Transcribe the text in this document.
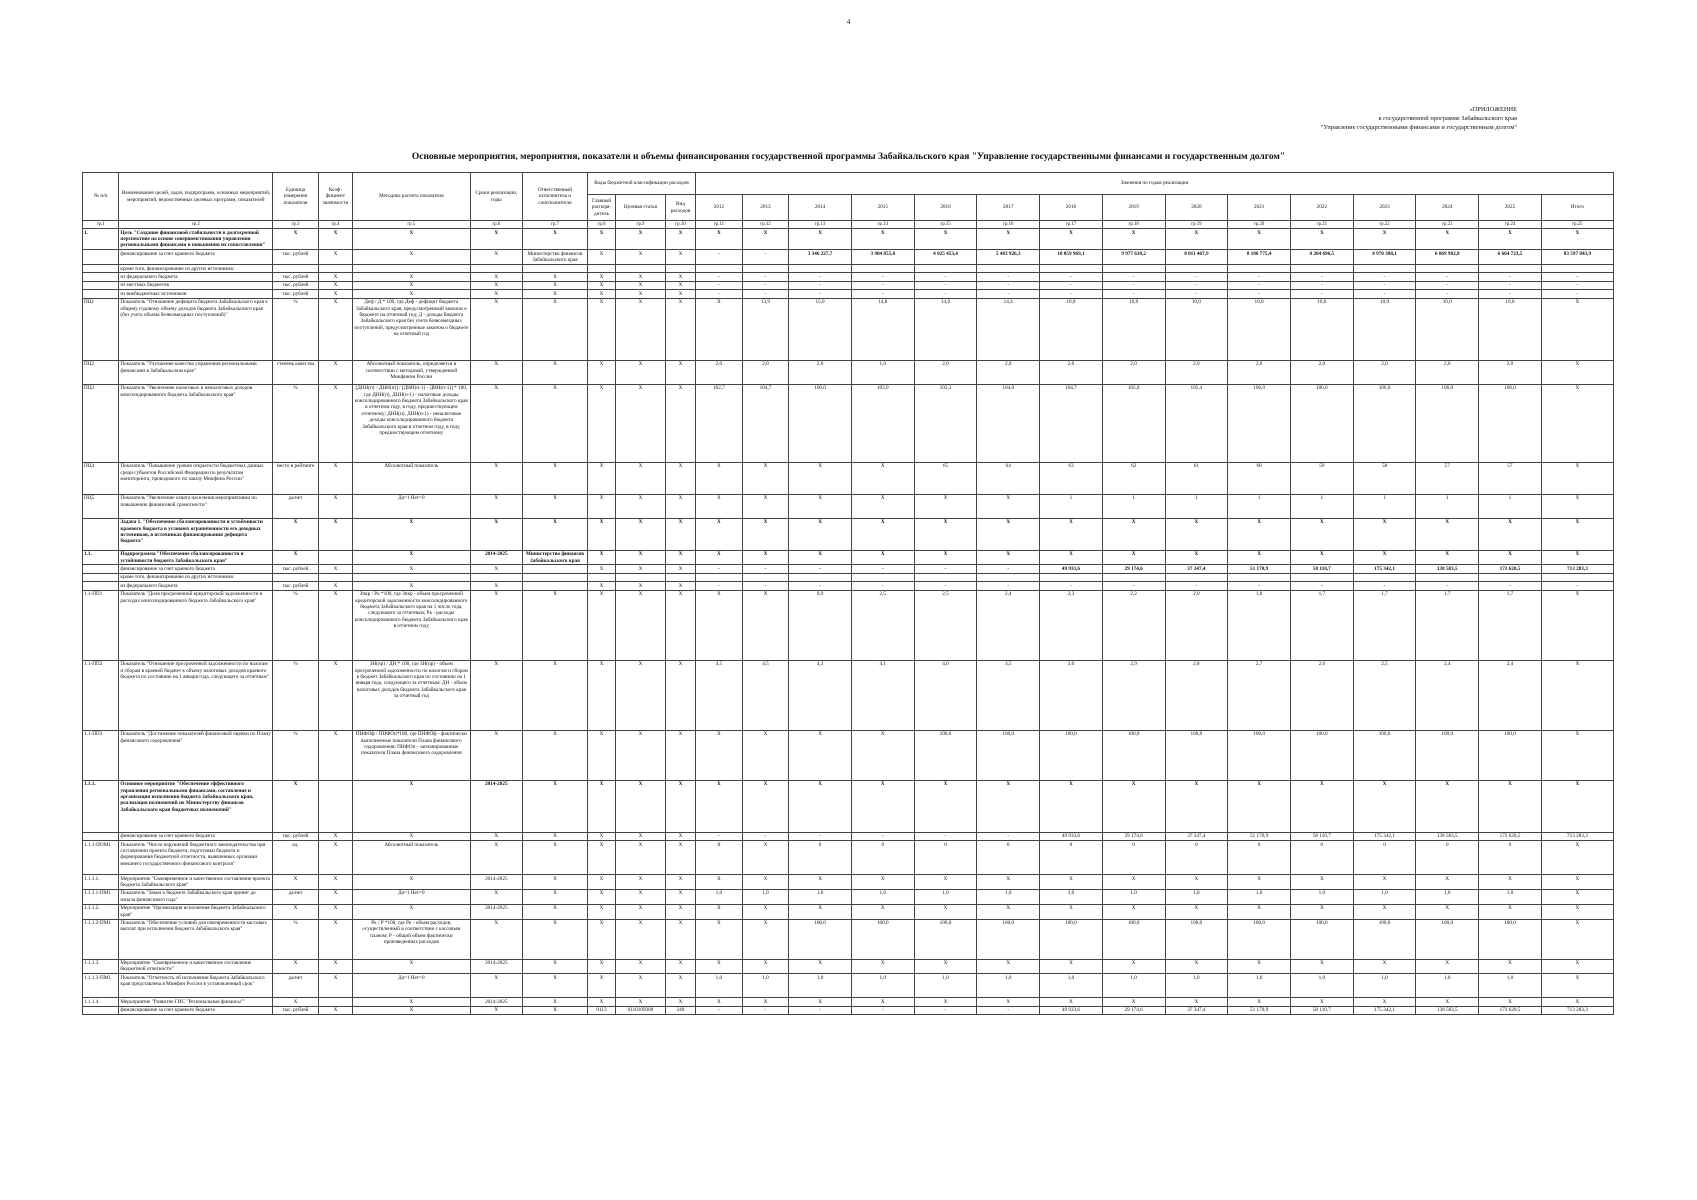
4
«ПРИЛОЖЕНИЕ
к государственной программе Забайкальского края
"Управление государственными финансами и государственным долгом"
Основные мероприятия, мероприятия, показатели и объемы финансирования государственной программы Забайкальского края "Управление государственными финансами и государственным долгом"
№ п/п	Наименование целей, задач, подпрограмм, основных мероприятий, мероприятий, ведомственных целевых программ, показателей	Единица измерения показателя	Коэф-фициент значимости	Методика расчета показателя	Сроки реализации, годы	Ответственный исполнитель и соисполнители	Коды бюджетной классификации расходов			Значения по годам реализации														
							Главный распоря-дитель	Целевая статья	Вид расходов	2012	2013	2014	2015	2016	2017	2018	2019	2020	2021	2022	2023	2024	2025	Итого
гр.1	гр.2	гр.3	гр.4	гр.5	гр.6	гр.7	гр.8	гр.9	гр.10	гр.11	гр.12	гр.13	гр.14	гр.15	гр.16	гр.17	гр.18	гр.19	гр.20	гр.21	гр.22	гр.23	гр.24	гр.25
1.	Цель "Создание финансовой стабильности в долгосрочной перспективе на основе совершенствования управления региональными финансами и повышения их сопоставления"	X	X	X	X	X	X	X	X	X	X	X	X	X	X	X	X	X	X	X	X	X	X	X
	финансирование за счет краевого бюджета	тыс. рублей	X	X	X	Министерство финансов Забайкальского края	X	X	X	-	-	3 346 227,7	3 904 855,8	4 025 453,4	5 483 926,3	10 059 969,1	9 977 630,2	8 011 467,9	8 100 775,4	8 204 696,5	8 970 388,1	6 869 902,8	6 664 723,5	83 597 843,9
	кроме того, финансирование из других источников:																							
	из федерального бюджета	тыс. рублей	X	X	X	X	X	X	X	-	-	-	-	-	-	-	-	-	-	-	-	-	-	-
	из местных бюджетов	тыс. рублей	X	X	X	X	X	X	X	-	-	-	-	-	-	-	-	-	-	-	-	-	-	-
	из внебюджетных источников	тыс. рублей	X	X	X	X	X	X	X	-	-	-	-	-	-	-	-	-	-	-	-	-	-	-
ПЦ1	Показатель "Отношение дефицита бюджета Забайкальского края к общему годовому объему доходов бюджета Забайкальского края (без учета объема безвозмездных поступлений)"	%	X	Деф / Д * 100, где Деф - дефицит бюджета Забайкальского края, предусмотренный законом о бюджете на отчетный год; Д - доходы бюджета Забайкальского края без учета безвозмездных поступлений, предусмотренные законом о бюджете на отчетный год	X	X	X	X	X	X	13,9	15,0	14,8	14,6	14,4	10,0	10,0	10,0	10,0	10,0	10,0	10,0	10,0	X
ПЦ2	Показатель "Улучшение качества управления региональными финансами в Забайкальском крае"	степень качества	X	Абсолютный показатель, определяется в соответствии с методикой, утвержденной Минфином России	X	X	X	X	X	2,0	2,0	2,0	1,0	2,0	2,0	2,0	2,0	2,0	2,0	2,0	2,0	2,0	2,0	X
ПЦ3	Показатель "Увеличение налоговых и неналоговых доходов консолидированного бюджета Забайкальского края"	%	X	[ДНН(п) - ДНН(п)] / [ДНН(п-1) - ДНН(п-1)] * 100, где ДНН(п), ДНН(п-1) - налоговые доходы консолидированного бюджета Забайкальского края в отчетном году, в году, предшествующем отчетному; ДНН(п), ДНН(п-1) - неналоговые доходы консолидированного бюджета Забайкальского края в отчетном году, в году, предшествующем отчетному	X	X	X	X	X	102,7	104,7	100,0	103,9	102,3	104,0	104,7	105,0	105,4	106,0	106,0	106,0	106,0	106,0	X
ПЦ4	Показатель "Повышение уровня открытости бюджетных данных среди субъектов Российской Федерации по результатам мониторинга, проводимого по заказу Минфина России"	место в рейтинге	X	Абсолютный показатель	X	X	X	X	X	X	X	X	X	65	64	63	62	61	60	59	58	57	57	X
ПЦ5	Показатель "Увеличение охвата населения мероприятиями по повышению финансовой грамотности"	да/нет	X	Да=1 Нет=0	X	X	X	X	X	X	X	X	X	X	X	1	1	1	1	1	1	1	1	X
	Задача 1. "Обеспечение сбалансированности и устойчивости краевого бюджета в условиях ограниченности его доходных источников, в источниках финансирования дефицита бюджета"	X	X	X	X	X	X	X	X	X	X	X	X	X	X	X	X	X	X	X	X	X	X	X
1.1.	Подпрограмма "Обеспечение сбалансированности и устойчивости бюджета Забайкальского края"	X		X	2014-2025	Министерство финансов Забайкальского края	X	X	X	X	X	X	X	X	X	X	X	X	X	X	X	X	X	X
	финансирование за счет краевого бюджета	тыс. рублей	X	X	X		X	X	X	-	-	-	-	-	-	49 933,6	29 174,6	37 347,4	51 170,9	58 110,7	175 342,1	138 583,5	173 620,5	713 283,3
	кроме того, финансирование из других источников:																							
	из федерального бюджета	тыс. рублей	X	X	X		X	X	X	-	-	-	-	-	-	-	-	-	-	-	-	-	-	-
1.1-ПП1	Показатель "Доля просроченной кредиторской задолженности в расходах консолидированного бюджета Забайкальского края"	%	X	Зпкр / Рк *100, где Зпкр - объем просроченной кредиторской задолженности консолидированного бюджета Забайкальского края на 1 число года, следующего за отчетным; Рк - расходы консолидированного бюджета Забайкальского края в отчетном году	X	X	X	X	X	X	X	0,9	2,5	2,5	2,4	2,3	2,2	2,0	1,8	1,7	1,7	1,7	1,7	X
1.1-ПП2	Показатель "Отношение просроченной задолженности по налогам и сборам в краевой бюджет к объему налоговых доходов краевого бюджета по состоянию на 1 января года, следующего за отчетным"	%	X	ЗН(пр) / ДН * 100, где ЗН(пр) - объем просроченной задолженности по налогам и сборам в бюджет Забайкальского края по состоянию на 1 января года, следующего за отчетным; ДН - объем налоговых доходов бюджета Забайкальского края за отчетный год	X	X	X	X	X	4,5	4,5	4,3	4,1	4,0	3,5	3,0	2,9	2,8	2,7	2,6	2,5	2,4	2,4	X
1.1-ПП3	Показатель "Достижение показателей финансовой оценки по Плану финансового оздоровления"	%	X	ПНФОф / ПНФОп*100, где ПНФОф - фактически выполненные показатели Плана финансового оздоровления; ПНФОп - запланированные показатели Плана финансового оздоровления	X	X	X	X	X	X	X	X	X	100,0	100,0	100,0	100,0	100,0	100,0	100,0	100,0	100,0	100,0	X
1.1.1.	Основное мероприятие "Обеспечение эффективного управления региональными финансами, составление и организация исполнения бюджета Забайкальского края, реализация полномочий по Министерству финансов Забайкальского края бюджетных полномочий"	X		X	2014-2025	X	X	X	X	X	X	X	X	X	X	X	X	X	X	X	X	X	X	X
	финансирование за счет краевого бюджета	тыс. рублей	X	X	X	X	X	X	X	-	-	-	-	-	-	49 933,6	29 174,6	37 347,4	51 170,9	58 110,7	175 342,1	138 583,5	173 620,5	713 283,3
1.1.1-ПОМ1	Показатель "Число нарушений бюджетного законодательства при составлении проекта бюджета, подготовки бюджета и формирования бюджетной отчетности, выявленных органами внешнего государственного финансового контроля"	ед.	X	Абсолютный показатель	X	X	X	X	X	X	X	0	0	0	0	0	0	0	0	0	0	0	0	X
1.1.1.1.	Мероприятие "Своевременное и качественное составление проекта бюджета Забайкальского края"	X	X	X	2014-2025	X	X	X	X	X	X	X	X	X	X	X	X	X	X	X	X	X	X	X
1.1.1.1-ПМ1	Показатель "Закон о бюджете Забайкальского края принят до начала финансового года"	да/нет	X	Да=1 Нет=0	X	X	X	X	X	1,0	1,0	1,0	1,0	1,0	1,0	1,0	1,0	1,0	1,0	1,0	1,0	1,0	1,0	X
1.1.1.2.	Мероприятие "Организация исполнения бюджета Забайкальского края"	X	X	X	2014-2025	X	X	X	X	X	X	X	X	X	X	X	X	X	X	X	X	X	X	X
1.1.1.2-ПМ1	Показатель "Обеспечение условий для своевременности кассовых выплат при исполнении бюджета Забайкальского края"	%	X	Рк / Р *100, где Рк - объем расходов, осуществленный в соответствии с кассовым планом; Р - общий объем фактически произведенных расходов	X	X	X	X	X	X	X	100,0	100,0	100,0	100,0	100,0	100,0	100,0	100,0	100,0	100,0	100,0	100,0	X
1.1.1.3.	Мероприятие "Своевременное и качественное составление бюджетной отчетности"	X	X	X	2014-2025	X	X	X	X	X	X	X	X	X	X	X	X	X	X	X	X	X	X	X
1.1.1.3-ПМ1	Показатель "Отчетность об исполнении бюджета Забайкальского края представлена в Минфин России в установленный срок"	да/нет	X	Да=1 Нет=0	X	X	X	X	X	1,0	1,0	1,0	1,0	1,0	1,0	1,0	1,0	1,0	1,0	1,0	1,0	1,0	1,0	X
1.1.1.4.	Мероприятие "Развитие ГИС "Региональные финансы""	X		X	2014-2025	X	X	X	X	X	X	X	X	X	X	X	X	X	X	X	X	X	X	X
	финансирование за счет краевого бюджета	тыс. рублей	X	X	X	X	0113	0110109300	240	-	-	-	-	-	-	49 933,6	29 174,6	37 347,4	51 170,9	58 110,7	175 342,1	138 583,5	173 620,5	713 283,3
